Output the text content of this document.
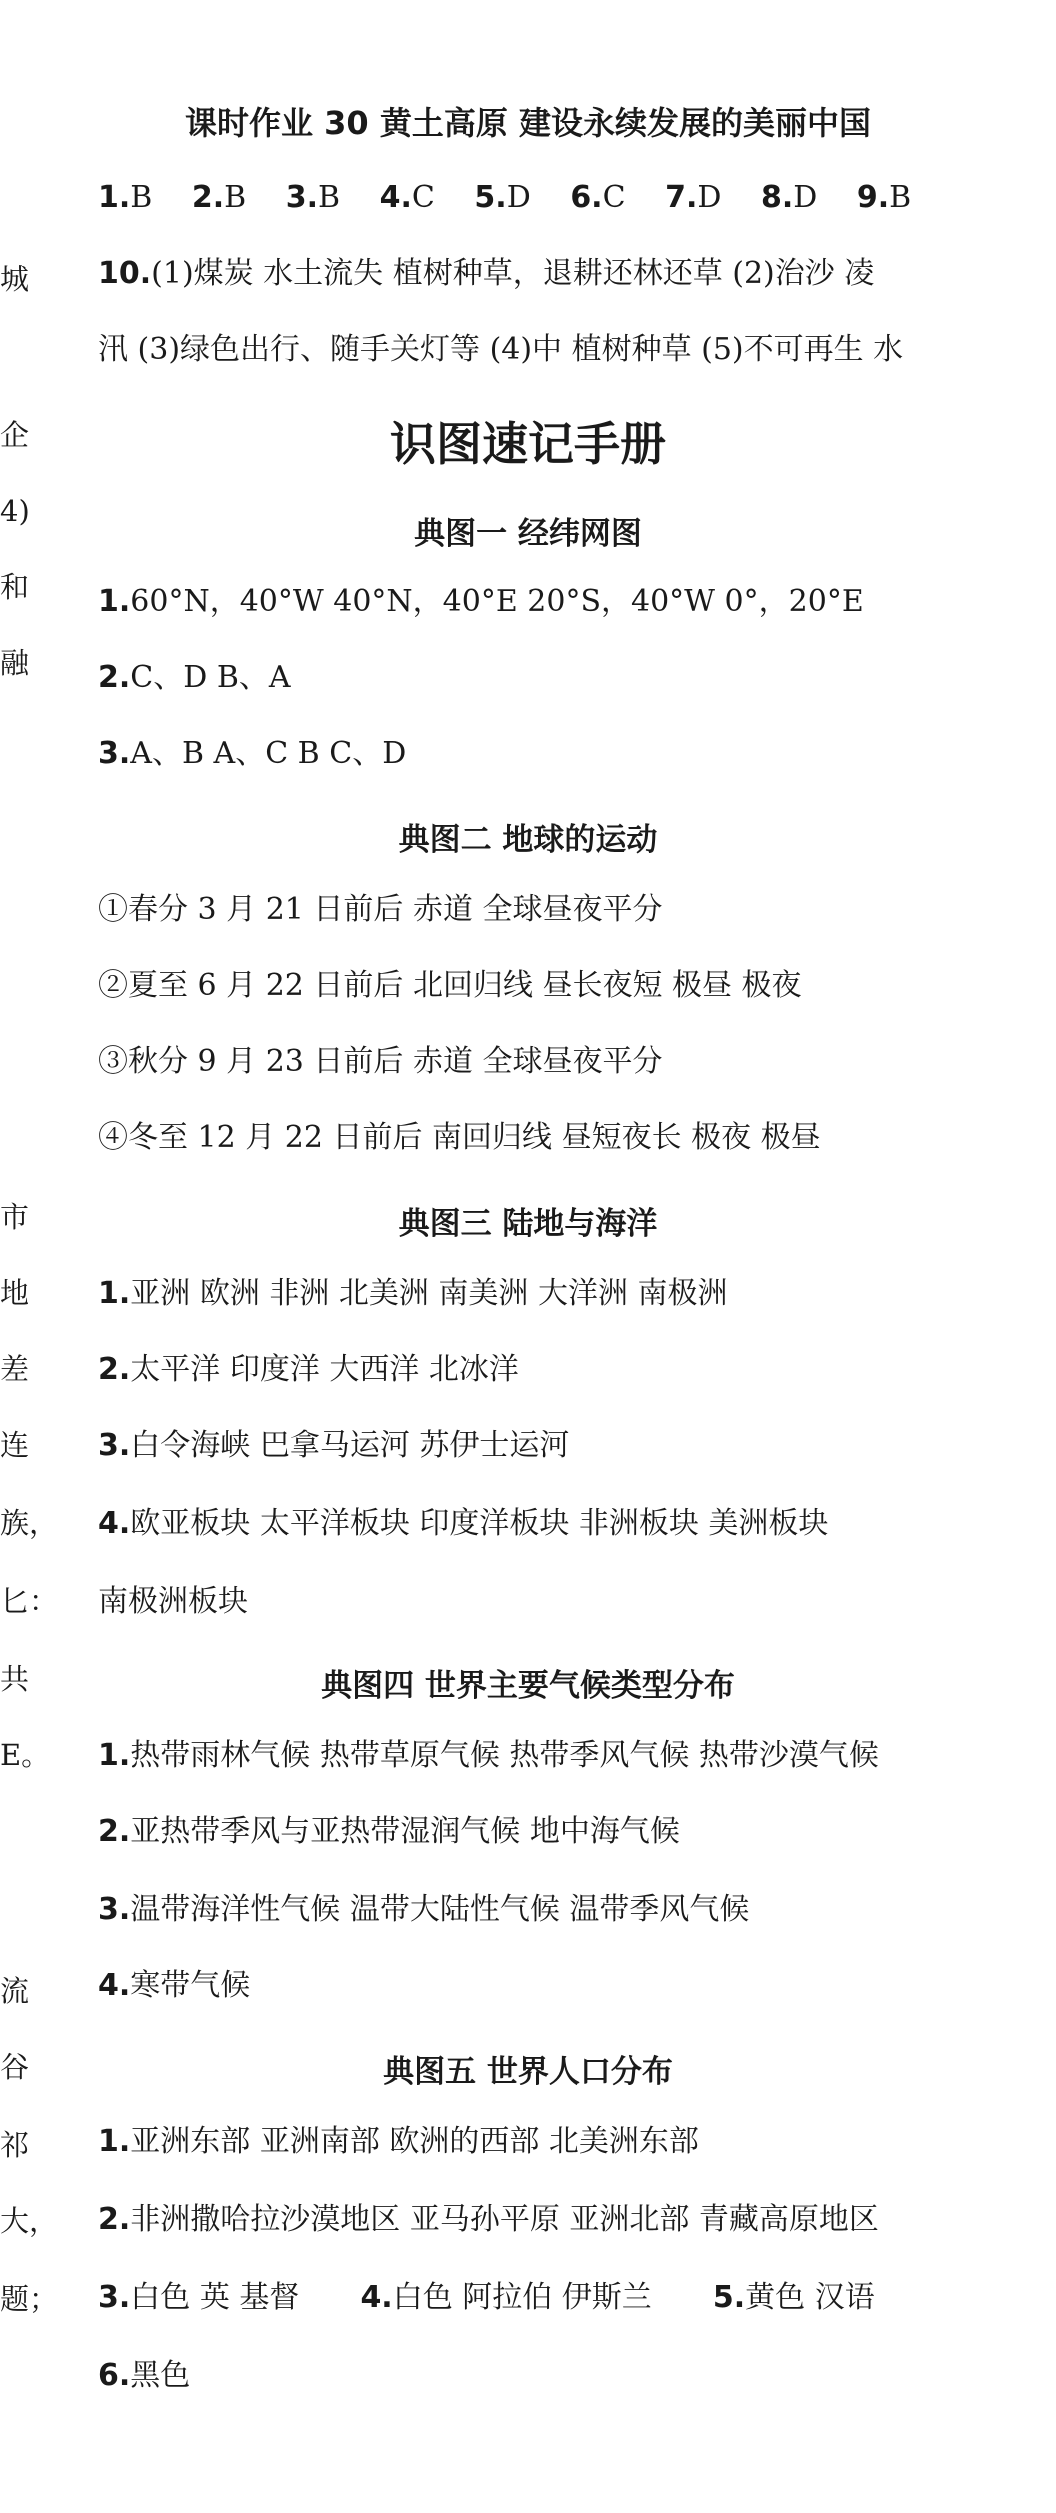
城
企
4)
和
融
市
地
差
连
族，
匕：
共
E。
流
谷
祁
大，
题；
课时作业 30 黄土高原 建设永续发展的美丽中国
1.B 2.B 3.B 4.C 5.D 6.C 7.D 8.D 9.B
10.(1)煤炭 水土流失 植树种草，退耕还林还草 (2)治沙 凌
汛 (3)绿色出行、随手关灯等 (4)中 植树种草 (5)不可再生 水
识图速记手册
典图一 经纬网图
1.60°N，40°W 40°N，40°E 20°S，40°W 0°，20°E
2.C、D B、A
3.A、B A、C B C、D
典图二 地球的运动
①春分 3 月 21 日前后 赤道 全球昼夜平分
②夏至 6 月 22 日前后 北回归线 昼长夜短 极昼 极夜
③秋分 9 月 23 日前后 赤道 全球昼夜平分
④冬至 12 月 22 日前后 南回归线 昼短夜长 极夜 极昼
典图三 陆地与海洋
1.亚洲 欧洲 非洲 北美洲 南美洲 大洋洲 南极洲
2.太平洋 印度洋 大西洋 北冰洋
3.白令海峡 巴拿马运河 苏伊士运河
4.欧亚板块 太平洋板块 印度洋板块 非洲板块 美洲板块
南极洲板块
典图四 世界主要气候类型分布
1.热带雨林气候 热带草原气候 热带季风气候 热带沙漠气候
2.亚热带季风与亚热带湿润气候 地中海气候
3.温带海洋性气候 温带大陆性气候 温带季风气候
4.寒带气候
典图五 世界人口分布
1.亚洲东部 亚洲南部 欧洲的西部 北美洲东部
2.非洲撒哈拉沙漠地区 亚马孙平原 亚洲北部 青藏高原地区
3.白色 英 基督  4.白色 阿拉伯 伊斯兰  5.黄色 汉语
6.黑色
